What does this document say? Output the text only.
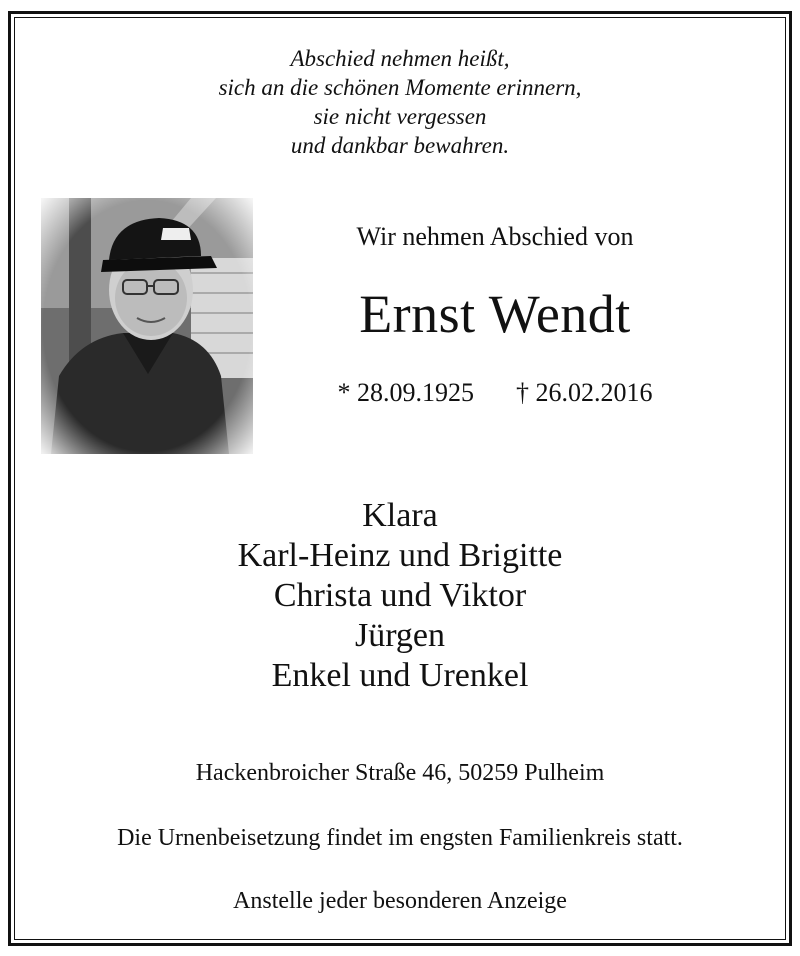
Abschied nehmen heißt,
sich an die schönen Momente erinnern,
sie nicht vergessen
und dankbar bewahren.
Wir nehmen Abschied von
Ernst Wendt
* 28.09.1925 † 26.02.2016
Klara
Karl-Heinz und Brigitte
Christa und Viktor
Jürgen
Enkel und Urenkel
Hackenbroicher Straße 46, 50259 Pulheim
Die Urnenbeisetzung findet im engsten Familienkreis statt.
Anstelle jeder besonderen Anzeige
